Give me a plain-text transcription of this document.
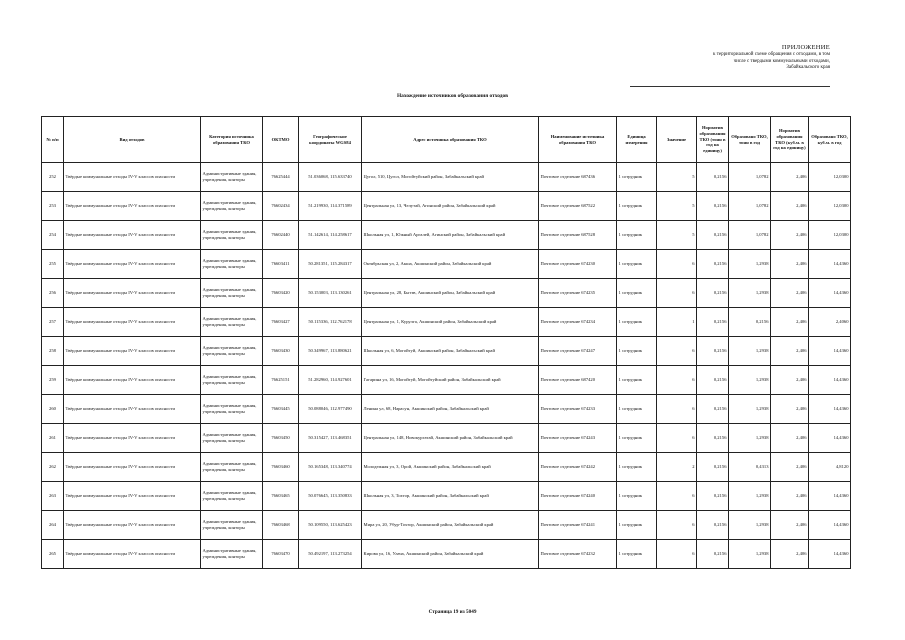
ПРИЛОЖЕНИЕ
к территориальной схеме обращения с отходами, в том
числе с твердыми коммунальными отходами,
Забайкальского края
Нахождение источников образования отходов
№ п/п	Вид отходов	Категория источника образования ТКО	ОКТМО	Географические координаты WGS84	Адрес источника образования ТКО	Наименование источника образования ТКО	Единица измерения	Значение	Норматив образования ТКО (тонн в год на единицу)	Образовано ТКО, тонн в год	Норматив образования ТКО (куб.м. в год на единицу)	Образовано ТКО, куб.м. в год
252	Твёрдые коммунальные отходы IV-V классов опасности	Административные здания, учреждения, конторы	76625444	51.036068, 115.633740	Цугол, 510, Цугол, Могойтуйский район, Забайкальский край	Почтовое отделение 687436	1 сотрудник	5	0,2156	1,0782	2,406	12,0300
253	Твёрдые коммунальные отходы IV-V классов опасности	Административные здания, учреждения, конторы	76602434	51.219930, 114.371589	Центральная ул, 13, Челутай, Агинский район, Забайкальский край	Почтовое отделение 687522	1 сотрудник	5	0,2156	1,0782	2,406	12,0300
254	Твёрдые коммунальные отходы IV-V классов опасности	Административные здания, учреждения, конторы	76602440	51.142614, 114.258617	Школьная ул, 1, Южный Аргалей, Агинский район, Забайкальский край	Почтовое отделение 687528	1 сотрудник	5	0,2156	1,0782	2,406	12,0300
255	Твёрдые коммунальные отходы IV-V классов опасности	Административные здания, учреждения, конторы	76603411	50.281351, 115.284317	Октябрьская ул, 2, Акша, Акшинский район, Забайкальский край	Почтовое отделение 674230	1 сотрудник	6	0,2156	1,2938	2,406	14,4360
256	Твёрдые коммунальные отходы IV-V классов опасности	Административные здания, учреждения, конторы	76603420	50.153003, 113.130261	Центральная ул, 28, Бытэв, Акшинский район, Забайкальский край	Почтовое отделение 674235	1 сотрудник	6	0,2156	1,2938	2,406	14,4360
257	Твёрдые коммунальные отходы IV-V классов опасности	Административные здания, учреждения, конторы	76603427	50.115336, 112.762178	Центральная ул, 1, Курулга, Акшинский район, Забайкальский край	Почтовое отделение 674234	1 сотрудник	1	0,2156	0,2156	2,406	2,4060
258	Твёрдые коммунальные отходы IV-V классов опасности	Административные здания, учреждения, конторы	76603430	50.349967, 113.880621	Школьная ул, 6, Могойтуй, Акшинский район, Забайкальский край	Почтовое отделение 674247	1 сотрудник	6	0,2156	1,2938	2,406	14,4360
259	Твёрдые коммунальные отходы IV-V классов опасности	Административные здания, учреждения, конторы	76625151	51.282960, 114.927601	Гагарина ул, 16, Могойтуй, Могойтуйский район, Забайкальский край	Почтовое отделение 687420	1 сотрудник	6	0,2156	1,2938	2,406	14,4360
260	Твёрдые коммунальные отходы IV-V классов опасности	Административные здания, учреждения, конторы	76603445	50.088046, 112.977490	Ленина ул, 68, Нарасун, Акшинский район, Забайкальский край	Почтовое отделение 674233	1 сотрудник	6	0,2156	1,2938	2,406	14,4360
261	Твёрдые коммунальные отходы IV-V классов опасности	Административные здания, учреждения, конторы	76603450	50.315427, 113.468351	Центральная ул, 148, Новокургатай, Акшинский район, Забайкальский край	Почтовое отделение 674243	1 сотрудник	6	0,2156	1,2938	2,406	14,4360
262	Твёрдые коммунальные отходы IV-V классов опасности	Административные здания, учреждения, конторы	76603460	50.165348, 113.340774	Молодежная ул, 3, Орой, Акшинский район, Забайкальский край	Почтовое отделение 674242	1 сотрудник	2	0,2156	0,4313	2,406	4,8120
263	Твёрдые коммунальные отходы IV-V классов опасности	Административные здания, учреждения, конторы	76603465	50.076645, 113.350833	Школьная ул, 3, Тохтор, Акшинский район, Забайкальский край	Почтовое отделение 674240	1 сотрудник	6	0,2156	1,2938	2,406	14,4360
264	Твёрдые коммунальные отходы IV-V классов опасности	Административные здания, учреждения, конторы	76603468	50.109550, 113.625423	Мира ул, 20, Убур-Тохтор, Акшинский район, Забайкальский край	Почтовое отделение 674241	1 сотрудник	6	0,2156	1,2938	2,406	14,4360
265	Твёрдые коммунальные отходы IV-V классов опасности	Административные здания, учреждения, конторы	76603470	50.492197, 113.273254	Кирова ул, 16, Улача, Акшинский район, Забайкальский край	Почтовое отделение 674232	1 сотрудник	6	0,2156	1,2938	2,406	14,4360
Страница 19 из 5049
